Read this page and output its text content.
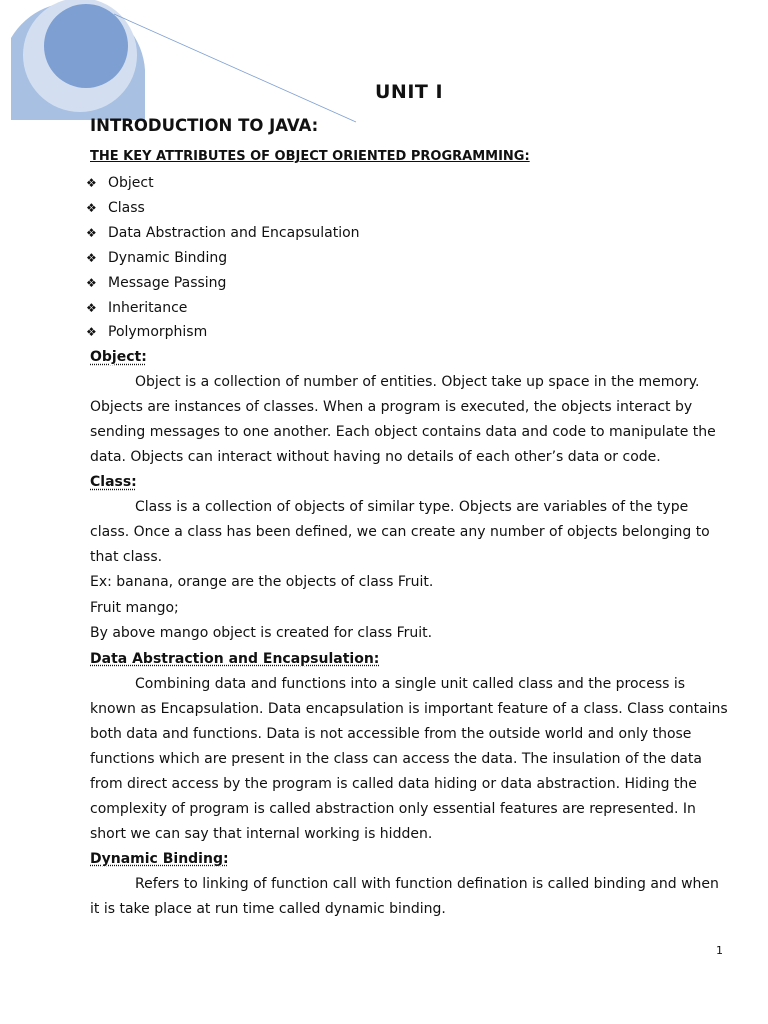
UNIT I
INTRODUCTION TO JAVA:
THE KEY ATTRIBUTES OF OBJECT ORIENTED PROGRAMMING:
❖ Object
❖ Class
❖ Data Abstraction and Encapsulation
❖ Dynamic Binding
❖ Message Passing
❖ Inheritance
❖ Polymorphism
Object:

Object is a collection of number of entities. Object take up space in the memory. Objects are instances of classes. When a program is executed, the objects interact by sending messages to one another. Each object contains data and code to manipulate the data. Objects can interact without having no details of each other’s data or code.

Class:

Class is a collection of objects of similar type. Objects are variables of the type class. Once a class has been defined, we can create any number of objects belonging to that class.

Ex: banana, orange are the objects of class Fruit.

Fruit mango;

By above mango object is created for class Fruit.

Data Abstraction and Encapsulation:

Combining data and functions into a single unit called class and the process is known as Encapsulation. Data encapsulation is important feature of a class. Class contains both data and functions. Data is not accessible from the outside world and only those functions which are present in the class can access the data. The insulation of the data from direct access by the program is called data hiding or data abstraction. Hiding the complexity of program is called abstraction only essential features are represented. In short we can say that internal working is hidden.

Dynamic Binding:

Refers to linking of function call with function defination is called binding and when it is take place at run time called dynamic binding.

1
